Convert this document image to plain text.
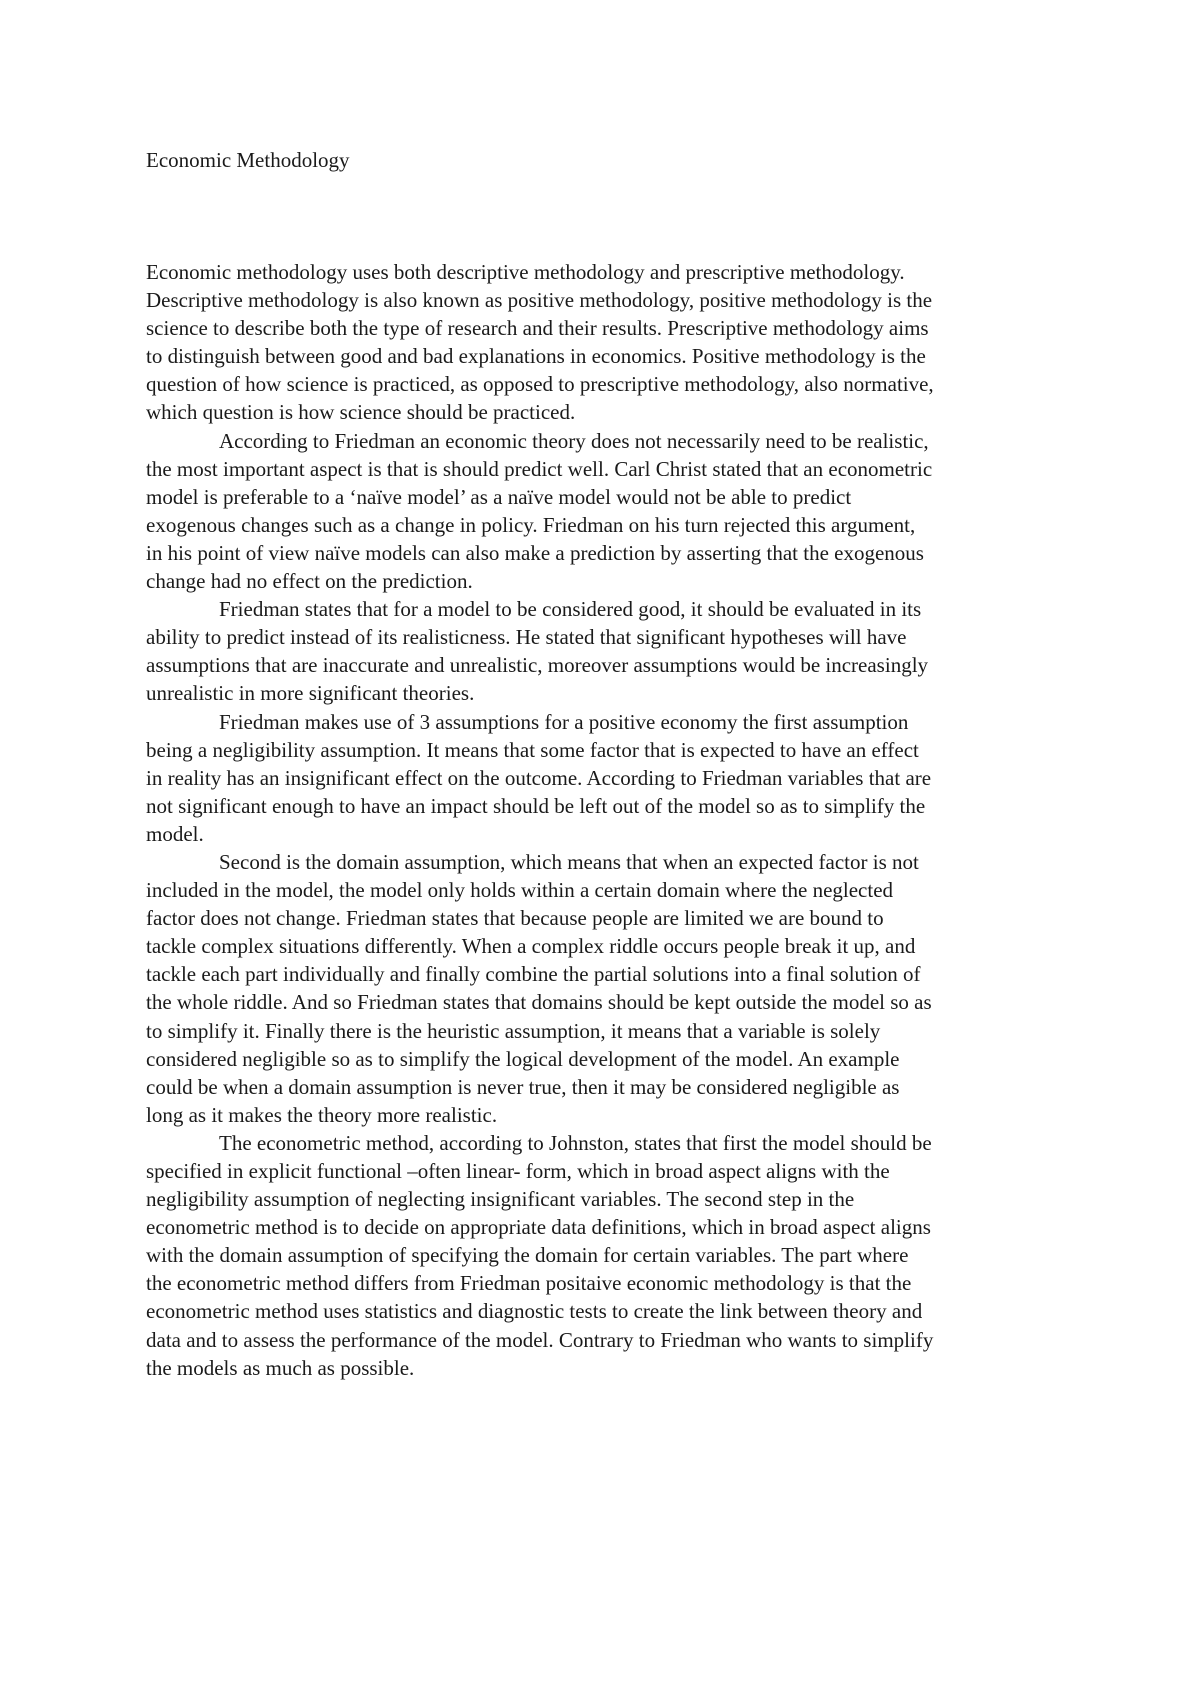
Economic Methodology

Economic methodology uses both descriptive methodology and prescriptive methodology.
Descriptive methodology is also known as positive methodology, positive methodology is the
science to describe both the type of research and their results. Prescriptive methodology aims
to distinguish between good and bad explanations in economics. Positive methodology is the
question of how science is practiced, as opposed to prescriptive methodology, also normative,
which question is how science should be practiced.

According to Friedman an economic theory does not necessarily need to be realistic,
the most important aspect is that is should predict well. Carl Christ stated that an econometric
model is preferable to a ‘naïve model’ as a naïve model would not be able to predict
exogenous changes such as a change in policy. Friedman on his turn rejected this argument,
in his point of view naïve models can also make a prediction by asserting that the exogenous
change had no effect on the prediction.

Friedman states that for a model to be considered good, it should be evaluated in its
ability to predict instead of its realisticness. He stated that significant hypotheses will have
assumptions that are inaccurate and unrealistic, moreover assumptions would be increasingly
unrealistic in more significant theories.

Friedman makes use of 3 assumptions for a positive economy the first assumption
being a negligibility assumption. It means that some factor that is expected to have an effect
in reality has an insignificant effect on the outcome. According to Friedman variables that are
not significant enough to have an impact should be left out of the model so as to simplify the
model.

Second is the domain assumption, which means that when an expected factor is not
included in the model, the model only holds within a certain domain where the neglected
factor does not change. Friedman states that because people are limited we are bound to
tackle complex situations differently. When a complex riddle occurs people break it up, and
tackle each part individually and finally combine the partial solutions into a final solution of
the whole riddle. And so Friedman states that domains should be kept outside the model so as
to simplify it. Finally there is the heuristic assumption, it means that a variable is solely
considered negligible so as to simplify the logical development of the model. An example
could be when a domain assumption is never true, then it may be considered negligible as
long as it makes the theory more realistic.

The econometric method, according to Johnston, states that first the model should be
specified in explicit functional –often linear- form, which in broad aspect aligns with the
negligibility assumption of neglecting insignificant variables. The second step in the
econometric method is to decide on appropriate data definitions, which in broad aspect aligns
with the domain assumption of specifying the domain for certain variables. The part where
the econometric method differs from Friedman positaive economic methodology is that the
econometric method uses statistics and diagnostic tests to create the link between theory and
data and to assess the performance of the model. Contrary to Friedman who wants to simplify
the models as much as possible.
